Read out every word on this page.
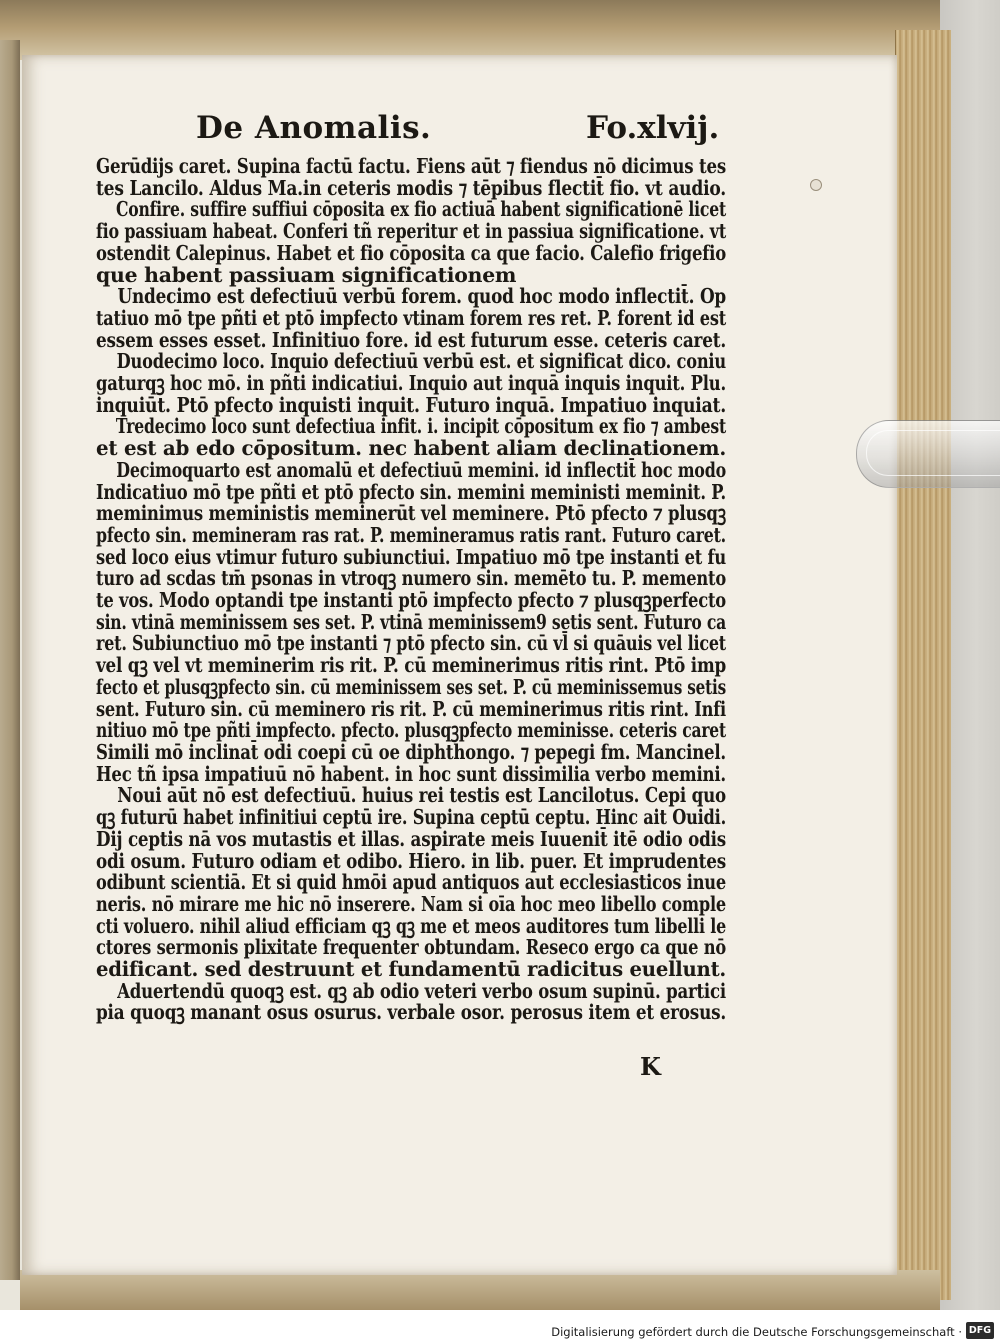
De Anomalis.	Fo.xlvij.
Gerūdijs caret. Supina factū factu. Fiens aūt ⁊ fiendus nō dicimus tes
tes Lancilo. Aldus Ma.in ceteris modis ⁊ tēpibus flectit̄ fio. vt audio.
Confire. suffire suffiui cōposita ex fio actiuā habent significationē licet
fio passiuam habeat. Conferi tñ reperitur et in passiua significatione. vt
ostendit Calepinus. Habet et fio cōposita ca que facio. Calefio frigefio
que habent passiuam significationem
Undecimo est defectiuū verbū forem. quod hoc modo inflectit̄. Op
tatiuo mō tpe pñti et ptō impfecto vtinam forem res ret. P. forent id est
essem esses esset. Infinitiuo fore. id est futurum esse. ceteris caret.
Duodecimo loco. Inquio defectiuū verbū est. et significat dico. coniu
gaturqꝫ hoc mō. in pñti indicatiui. Inquio aut inquā inquis inquit. Plu.
inquiūt. Ptō pfecto inquisti inquit. Futuro inquā. Impatiuo inquiat.
Tredecimo loco sunt defectiua infit. i. incipit cōpositum ex fio ⁊ ambest
et est ab edo cōpositum. nec habent aliam declinationem.
Decimoquarto est anomalū et defectiuū memini. id inflectit̄ hoc modo
Indicatiuo mō tpe pñti et ptō pfecto sin. memini meministi meminit. P.
meminimus meministis meminerūt vel meminere. Ptō pfecto ⁊ plusqꝫ
pfecto sin. memineram ras rat. P. memineramus ratis rant. Futuro caret.
sed loco eius vtimur futuro subiunctiui. Impatiuo mō tpe instanti et fu
turo ad scdas tm̄ psonas in vtroqꝫ numero sin. memēto tu. P. memento
te vos. Modo optandi tpe instanti ptō impfecto pfecto ⁊ plusqꝫperfecto
sin. vtinā meminissem ses set. P. vtinā meminissem9 setis sent. Futuro ca
ret. Subiunctiuo mō tpe instanti ⁊ ptō pfecto sin. cū vl̄ si quāuis vel licet
vel qꝫ vel vt meminerim ris rit. P. cū meminerimus ritis rint. Ptō imp
fecto et plusqꝫpfecto sin. cū meminissem ses set. P. cū meminissemus setis
sent. Futuro sin. cū meminero ris rit. P. cū meminerimus ritis rint. Infi
nitiuo mō tpe pñti impfecto. pfecto. plusqꝫpfecto meminisse. ceteris caret
Simili mō inclinat̄ odi coepi cū oe diphthongo. ⁊ pepegi fm. Mancinel.
Hec tñ ipsa impatiuū nō habent. in hoc sunt dissimilia verbo memini.
Noui aūt nō est defectiuū. huius rei testis est Lancilotus. Cepi quo
qꝫ futurū habet infinitiui ceptū ire. Supina ceptū ceptu. Hinc ait Ouidi.
Dij ceptis nā vos mutastis et illas. aspirate meis Iuuenit̄ itē odio odis
odi osum. Futuro odiam et odibo. Hiero. in lib. puer. Et imprudentes
odibunt scientiā. Et si quid hmōi apud antiquos aut ecclesiasticos inue
neris. nō mirare me hic nō inserere. Nam si oīa hoc meo libello comple
cti voluero. nihil aliud efficiam qꝫ qꝫ me et meos auditores tum libelli le
ctores sermonis plixitate frequenter obtundam. Reseco ergo ca que nō
edificant. sed destruunt et fundamentū radicitus euellunt.
Aduertendū quoqꝫ est. qꝫ ab odio veteri verbo osum supinū. partici
pia quoqꝫ manant osus osurus. verbale osor. perosus item et erosus.
K
Digitalisierung gefördert durch die Deutsche Forschungsgemeinschaft · DFG
